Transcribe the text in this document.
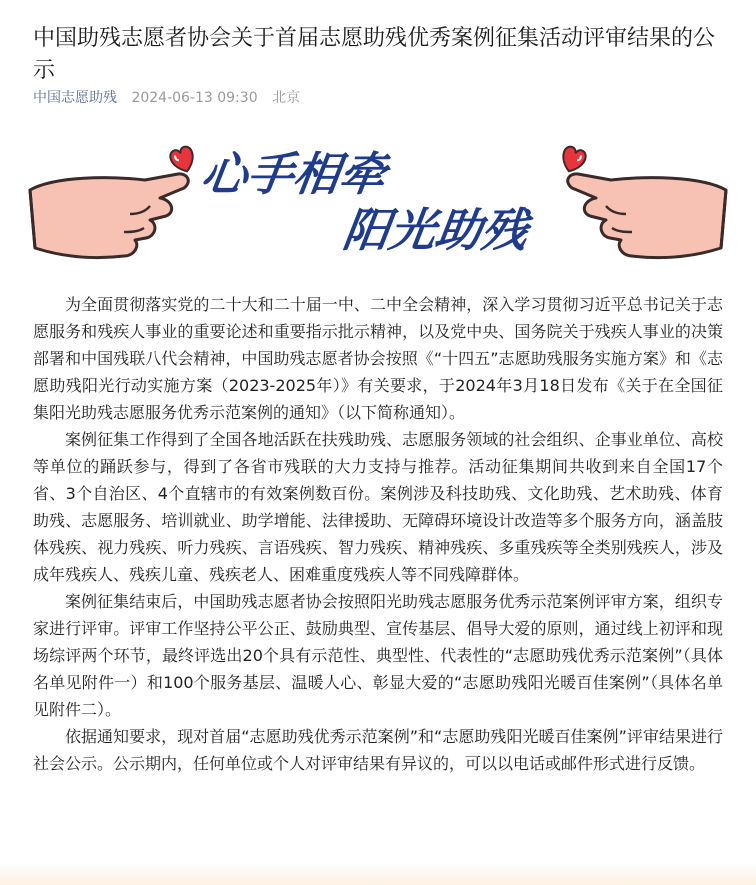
中国助残志愿者协会关于首届志愿助残优秀案例征集活动评审结果的公示
中国志愿助残 2024-06-13 09:30 北京
心手相牵
阳光助残

为全面贯彻落实党的二十大和二十届一中、二中全会精神，深入学习贯彻习近平总书记关于志愿服务和残疾人事业的重要论述和重要指示批示精神，以及党中央、国务院关于残疾人事业的决策部署和中国残联八代会精神，中国助残志愿者协会按照《“十四五”志愿助残服务实施方案》和《志愿助残阳光行动实施方案（2023-2025年）》有关要求，于2024年3月18日发布《关于在全国征集阳光助残志愿服务优秀示范案例的通知》（以下简称通知）。

案例征集工作得到了全国各地活跃在扶残助残、志愿服务领域的社会组织、企事业单位、高校等单位的踊跃参与，得到了各省市残联的大力支持与推荐。活动征集期间共收到来自全国17个省、3个自治区、4个直辖市的有效案例数百份。案例涉及科技助残、文化助残、艺术助残、体育助残、志愿服务、培训就业、助学增能、法律援助、无障碍环境设计改造等多个服务方向，涵盖肢体残疾、视力残疾、听力残疾、言语残疾、智力残疾、精神残疾、多重残疾等全类别残疾人，涉及成年残疾人、残疾儿童、残疾老人、困难重度残疾人等不同残障群体。

案例征集结束后，中国助残志愿者协会按照阳光助残志愿服务优秀示范案例评审方案，组织专家进行评审。评审工作坚持公平公正、鼓励典型、宣传基层、倡导大爱的原则，通过线上初评和现场综评两个环节，最终评选出20个具有示范性、典型性、代表性的“志愿助残优秀示范案例”（具体名单见附件一）和100个服务基层、温暖人心、彰显大爱的“志愿助残阳光暖百佳案例”（具体名单见附件二）。

依据通知要求，现对首届“志愿助残优秀示范案例”和“志愿助残阳光暖百佳案例”评审结果进行社会公示。公示期内，任何单位或个人对评审结果有异议的，可以以电话或邮件形式进行反馈。
